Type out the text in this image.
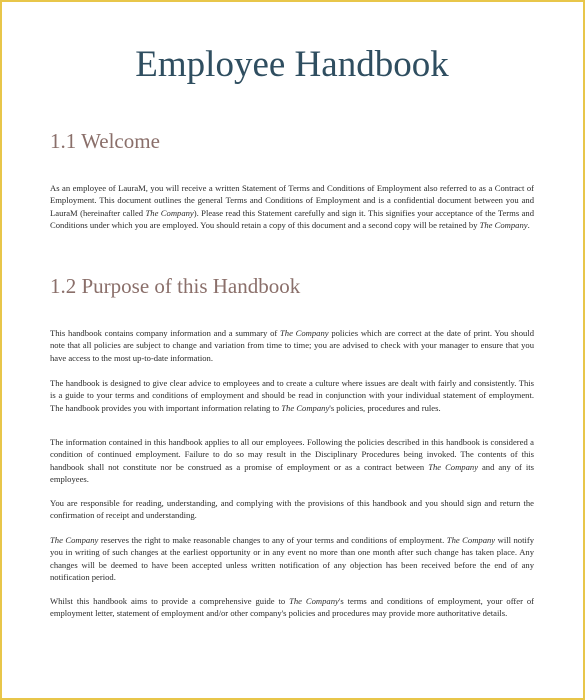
Employee Handbook
1.1 Welcome

As an employee of LauraM, you will receive a written Statement of Terms and Conditions of Employment also referred to as a Contract of Employment. This document outlines the general Terms and Conditions of Employment and is a confidential document between you and LauraM (hereinafter called The Company). Please read this Statement carefully and sign it. This signifies your acceptance of the Terms and Conditions under which you are employed. You should retain a copy of this document and a second copy will be retained by The Company.

1.2 Purpose of this Handbook

This handbook contains company information and a summary of The Company policies which are correct at the date of print. You should note that all policies are subject to change and variation from time to time; you are advised to check with your manager to ensure that you have access to the most up-to-date information.

The handbook is designed to give clear advice to employees and to create a culture where issues are dealt with fairly and consistently. This is a guide to your terms and conditions of employment and should be read in conjunction with your individual statement of employment. The handbook provides you with important information relating to The Company's policies, procedures and rules.

The information contained in this handbook applies to all our employees. Following the policies described in this handbook is considered a condition of continued employment. Failure to do so may result in the Disciplinary Procedures being invoked. The contents of this handbook shall not constitute nor be construed as a promise of employment or as a contract between The Company and any of its employees.

You are responsible for reading, understanding, and complying with the provisions of this handbook and you should sign and return the confirmation of receipt and understanding.

The Company reserves the right to make reasonable changes to any of your terms and conditions of employment. The Company will notify you in writing of such changes at the earliest opportunity or in any event no more than one month after such change has taken place. Any changes will be deemed to have been accepted unless written notification of any objection has been received before the end of any notification period.

Whilst this handbook aims to provide a comprehensive guide to The Company's terms and conditions of employment, your offer of employment letter, statement of employment and/or other company's policies and procedures may provide more authoritative details.
